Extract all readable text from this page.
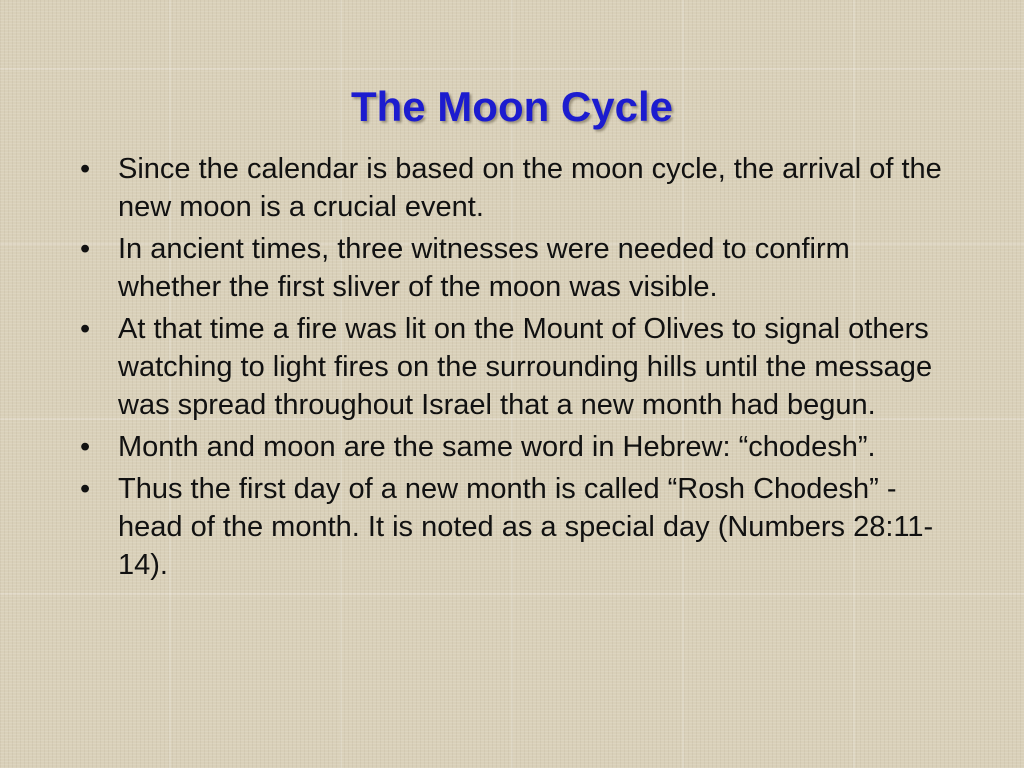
The Moon Cycle
• Since the calendar is based on the moon cycle, the arrival of the new moon is a crucial event.
• In ancient times, three witnesses were needed to confirm whether the first sliver of the moon was visible.
• At that time a fire was lit on the Mount of Olives to signal others watching to light fires on the surrounding hills until the message was spread throughout Israel that a new month had begun.
• Month and moon are the same word in Hebrew: “chodesh”.
• Thus the first day of a new month is called “Rosh Chodesh” - head of the month. It is noted as a special day (Numbers 28:11-14).
